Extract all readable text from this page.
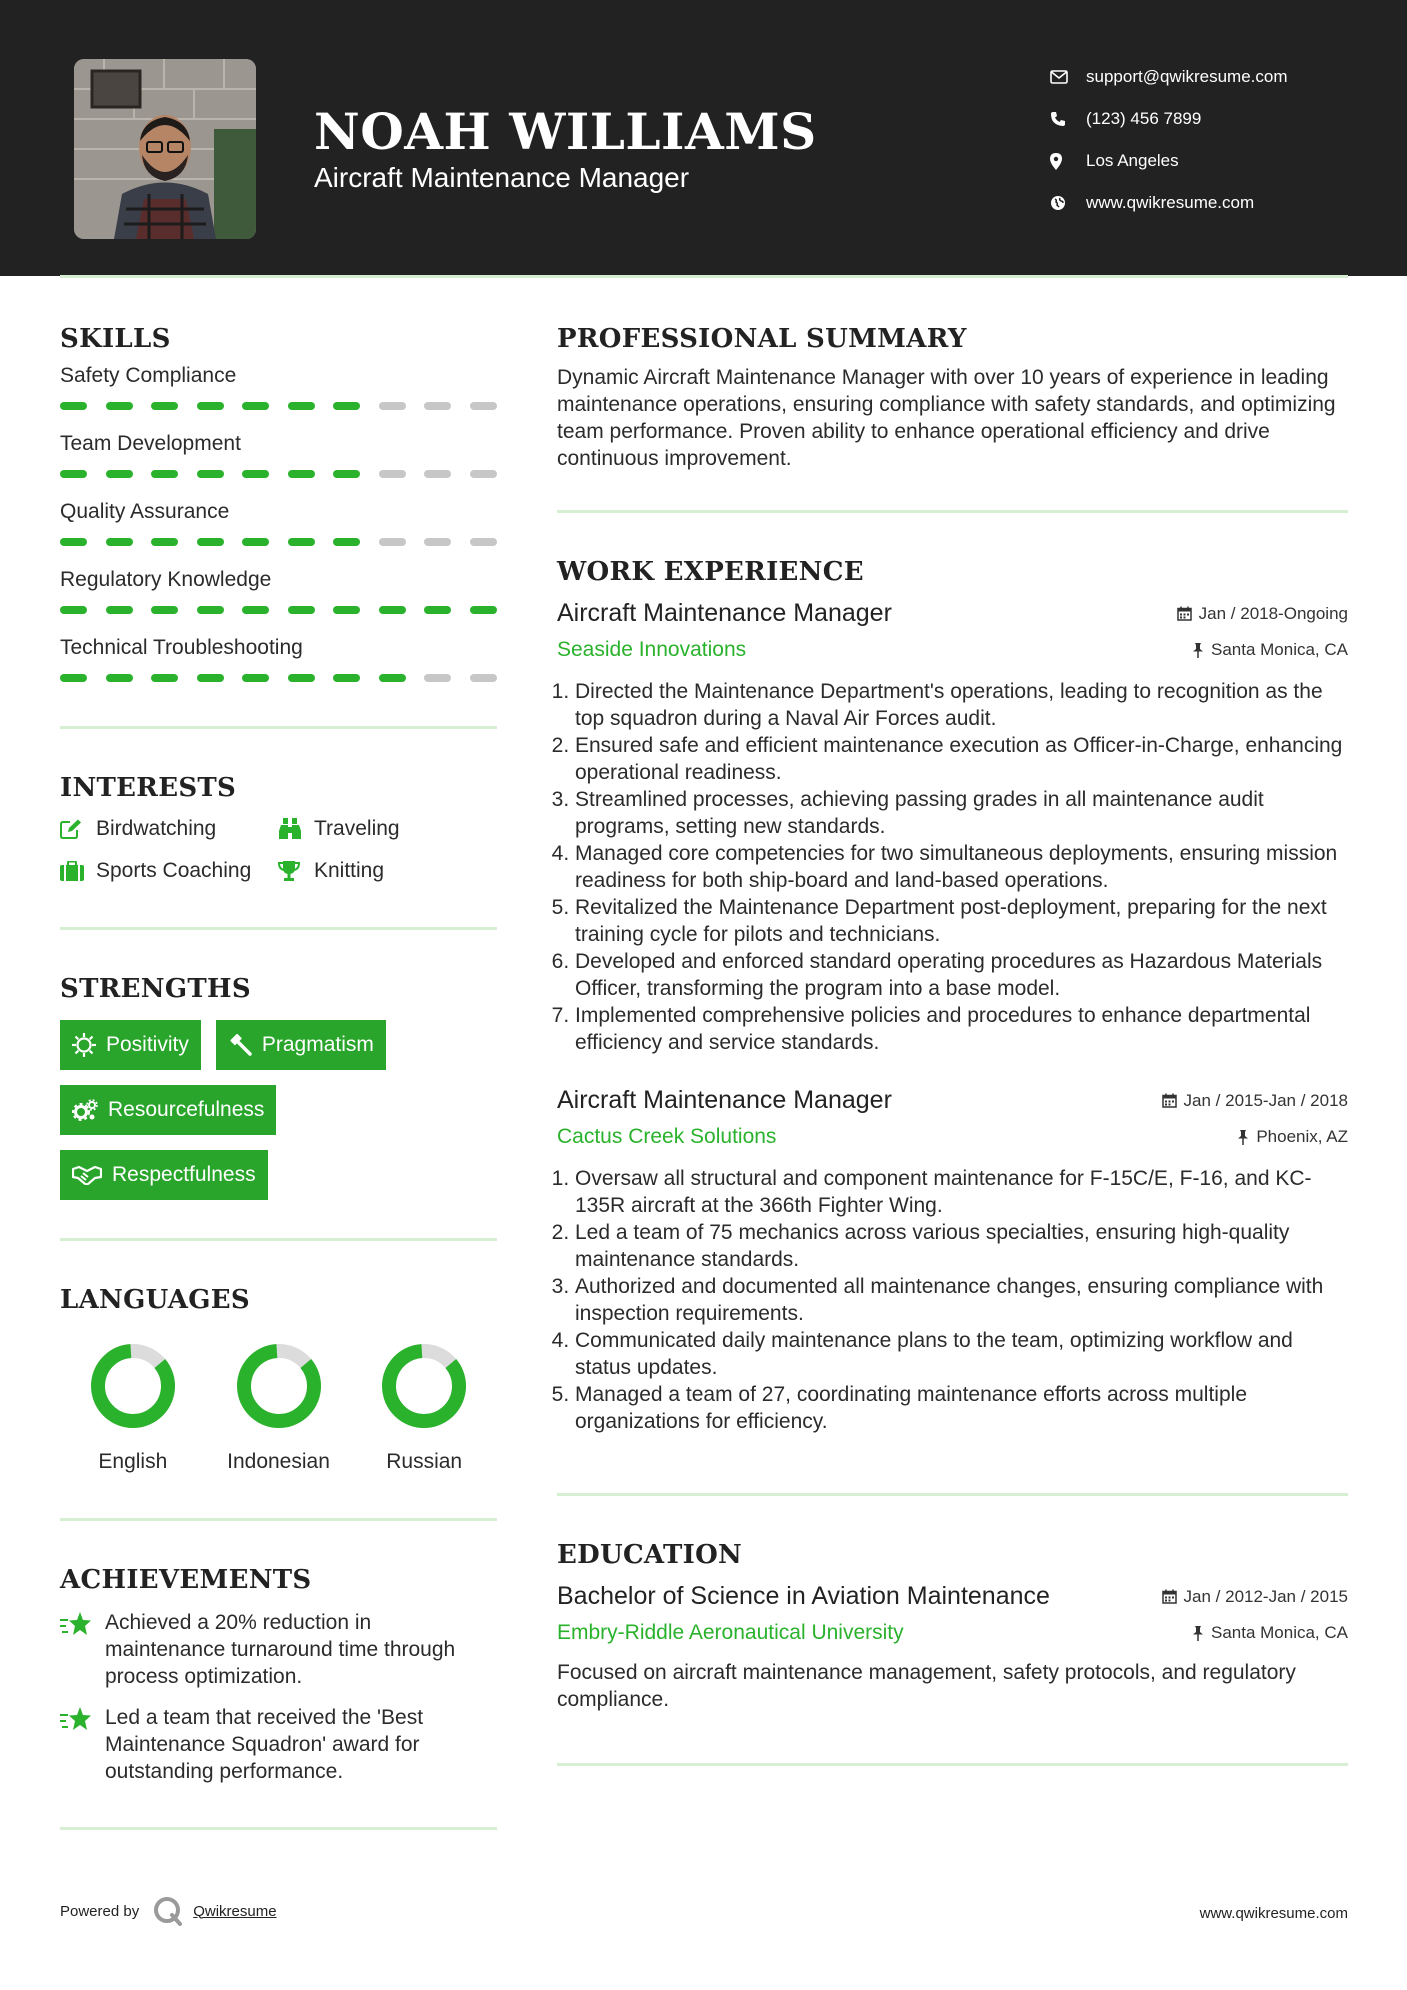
NOAH WILLIAMS
Aircraft Maintenance Manager
support@qwikresume.com
(123) 456 7899
Los Angeles
www.qwikresume.com
SKILLS
Safety Compliance
Team Development
Quality Assurance
Regulatory Knowledge
Technical Troubleshooting
INTERESTS
Birdwatching	Traveling
Sports Coaching	Knitting
STRENGTHS
Positivity	Pragmatism
Resourcefulness
Respectfulness
LANGUAGES
English	Indonesian	Russian
ACHIEVEMENTS
Achieved a 20% reduction in maintenance turnaround time through process optimization.
Led a team that received the 'Best Maintenance Squadron' award for outstanding performance.
PROFESSIONAL SUMMARY
Dynamic Aircraft Maintenance Manager with over 10 years of experience in leading maintenance operations, ensuring compliance with safety standards, and optimizing team performance. Proven ability to enhance operational efficiency and drive continuous improvement.
WORK EXPERIENCE
Aircraft Maintenance Manager	Jan / 2018-Ongoing
Seaside Innovations	Santa Monica, CA
1. Directed the Maintenance Department's operations, leading to recognition as the top squadron during a Naval Air Forces audit.
2. Ensured safe and efficient maintenance execution as Officer-in-Charge, enhancing operational readiness.
3. Streamlined processes, achieving passing grades in all maintenance audit programs, setting new standards.
4. Managed core competencies for two simultaneous deployments, ensuring mission readiness for both ship-board and land-based operations.
5. Revitalized the Maintenance Department post-deployment, preparing for the next training cycle for pilots and technicians.
6. Developed and enforced standard operating procedures as Hazardous Materials Officer, transforming the program into a base model.
7. Implemented comprehensive policies and procedures to enhance departmental efficiency and service standards.
Aircraft Maintenance Manager	Jan / 2015-Jan / 2018
Cactus Creek Solutions	Phoenix, AZ
1. Oversaw all structural and component maintenance for F-15C/E, F-16, and KC-135R aircraft at the 366th Fighter Wing.
2. Led a team of 75 mechanics across various specialties, ensuring high-quality maintenance standards.
3. Authorized and documented all maintenance changes, ensuring compliance with inspection requirements.
4. Communicated daily maintenance plans to the team, optimizing workflow and status updates.
5. Managed a team of 27, coordinating maintenance efforts across multiple organizations for efficiency.
EDUCATION
Bachelor of Science in Aviation Maintenance	Jan / 2012-Jan / 2015
Embry-Riddle Aeronautical University	Santa Monica, CA
Focused on aircraft maintenance management, safety protocols, and regulatory compliance.
Powered by	Qwikresume	www.qwikresume.com
